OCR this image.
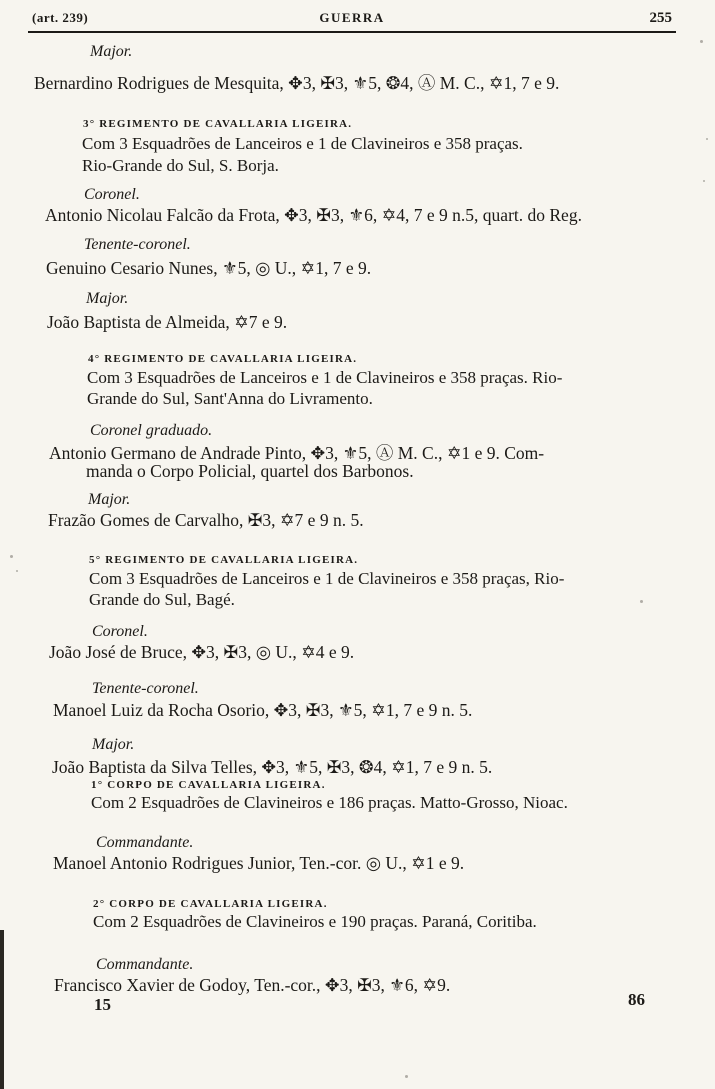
(art. 239)	GUERRA	255
Major.
Bernardino Rodrigues de Mesquita, ✥3, ✠3, ⚜5, ❂4, Ⓐ M. C., ✡1, 7 e 9.
3° REGIMENTO DE CAVALLARIA LIGEIRA.
Com 3 Esquadrões de Lanceiros e 1 de Clavineiros e 358 praças.
Rio-Grande do Sul, S. Borja.
Coronel.
Antonio Nicolau Falcão da Frota, ✥3, ✠3, ⚜6, ✡4, 7 e 9 n.5, quart. do Reg.
Tenente-coronel.
Genuino Cesario Nunes, ⚜5, ◎ U., ✡1, 7 e 9.
Major.
João Baptista de Almeida, ✡7 e 9.
4° REGIMENTO DE CAVALLARIA LIGEIRA.
Com 3 Esquadrões de Lanceiros e 1 de Clavineiros e 358 praças. Rio-
Grande do Sul, Sant'Anna do Livramento.
Coronel graduado.
Antonio Germano de Andrade Pinto, ✥3, ⚜5, Ⓐ M. C., ✡1 e 9. Com-
manda o Corpo Policial, quartel dos Barbonos.
Major.
Frazão Gomes de Carvalho, ✠3, ✡7 e 9 n. 5.
5° REGIMENTO DE CAVALLARIA LIGEIRA.
Com 3 Esquadrões de Lanceiros e 1 de Clavineiros e 358 praças, Rio-
Grande do Sul, Bagé.
Coronel.
João José de Bruce, ✥3, ✠3, ◎ U., ✡4 e 9.
Tenente-coronel.
Manoel Luiz da Rocha Osorio, ✥3, ✠3, ⚜5, ✡1, 7 e 9 n. 5.
Major.
João Baptista da Silva Telles, ✥3, ⚜5, ✠3, ❂4, ✡1, 7 e 9 n. 5.
1° CORPO DE CAVALLARIA LIGEIRA.
Com 2 Esquadrões de Clavineiros e 186 praças. Matto-Grosso, Nioac.
Commandante.
Manoel Antonio Rodrigues Junior, Ten.-cor. ◎ U., ✡1 e 9.
2° CORPO DE CAVALLARIA LIGEIRA.
Com 2 Esquadrões de Clavineiros e 190 praças. Paraná, Coritiba.
Commandante.
Francisco Xavier de Godoy, Ten.-cor., ✥3, ✠3, ⚜6, ✡9.
15	86
